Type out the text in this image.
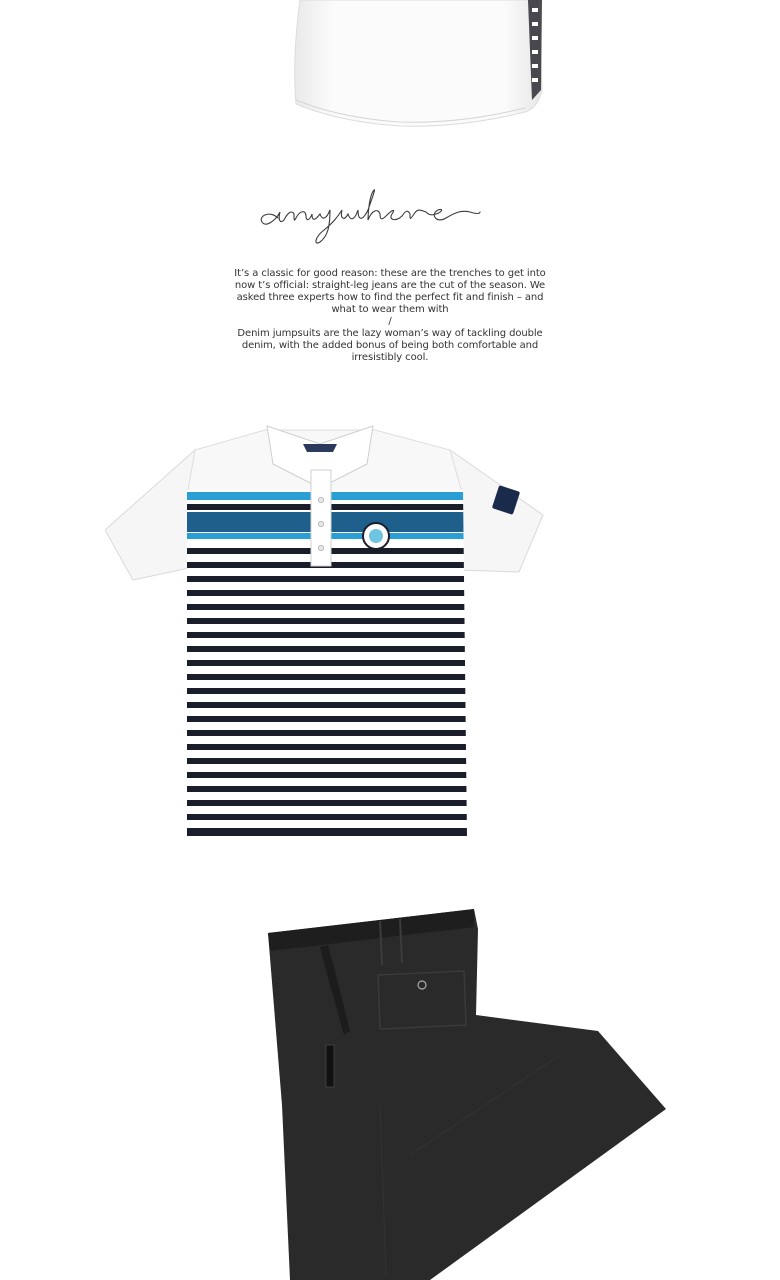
It’s a classic for good reason: these are the trenches to get into now t’s official: straight-leg jeans are the cut of the season. We asked three experts how to find the perfect fit and finish – and what to wear them with

/

Denim jumpsuits are the lazy woman’s way of tackling double denim, with the added bonus of being both comfortable and irresistibly cool.
